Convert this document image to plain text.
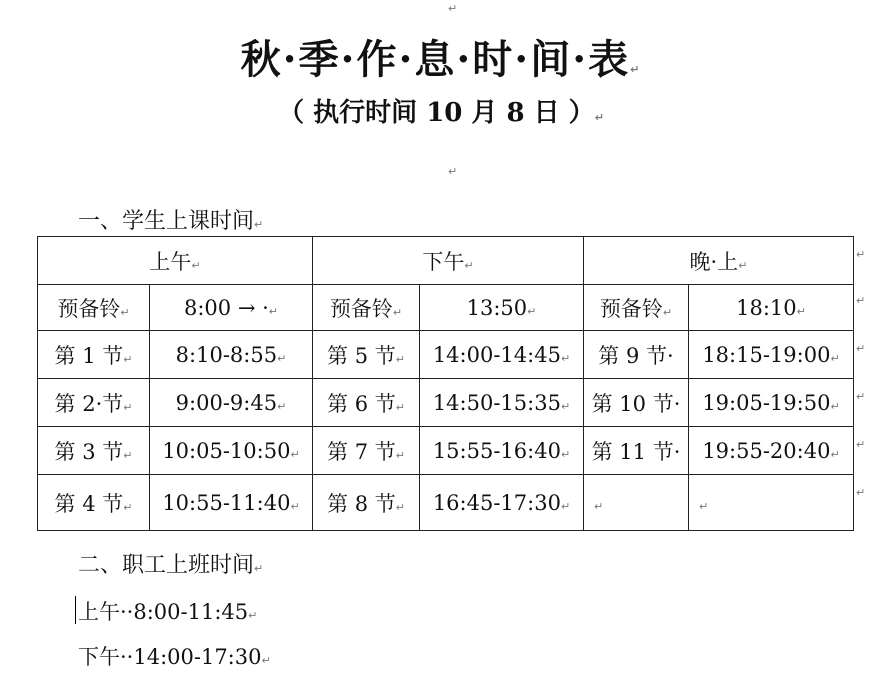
↵
秋·季·作·息·时·间·表↵
（ 执行时间 10 月 8 日 ）↵
↵
一、学生上课时间↵
上午↵		下午↵		晚·上↵	
预备铃↵	8:00 → ·↵	预备铃↵	13:50↵	预备铃↵	18:10↵
第 1 节↵	8:10-8:55↵	第 5 节↵	14:00-14:45↵	第 9 节·	18:15-19:00↵
第 2·节↵	9:00-9:45↵	第 6 节↵	14:50-15:35↵	第 10 节·	19:05-19:50↵
第 3 节↵	10:05-10:50↵	第 7 节↵	15:55-16:40↵	第 11 节·	19:55-20:40↵
第 4 节↵	10:55-11:40↵	第 8 节↵	16:45-17:30↵	↵	↵
↵
↵
↵
↵
↵
↵
二、职工上班时间↵
上午··8:00-11:45↵
下午··14:00-17:30↵
